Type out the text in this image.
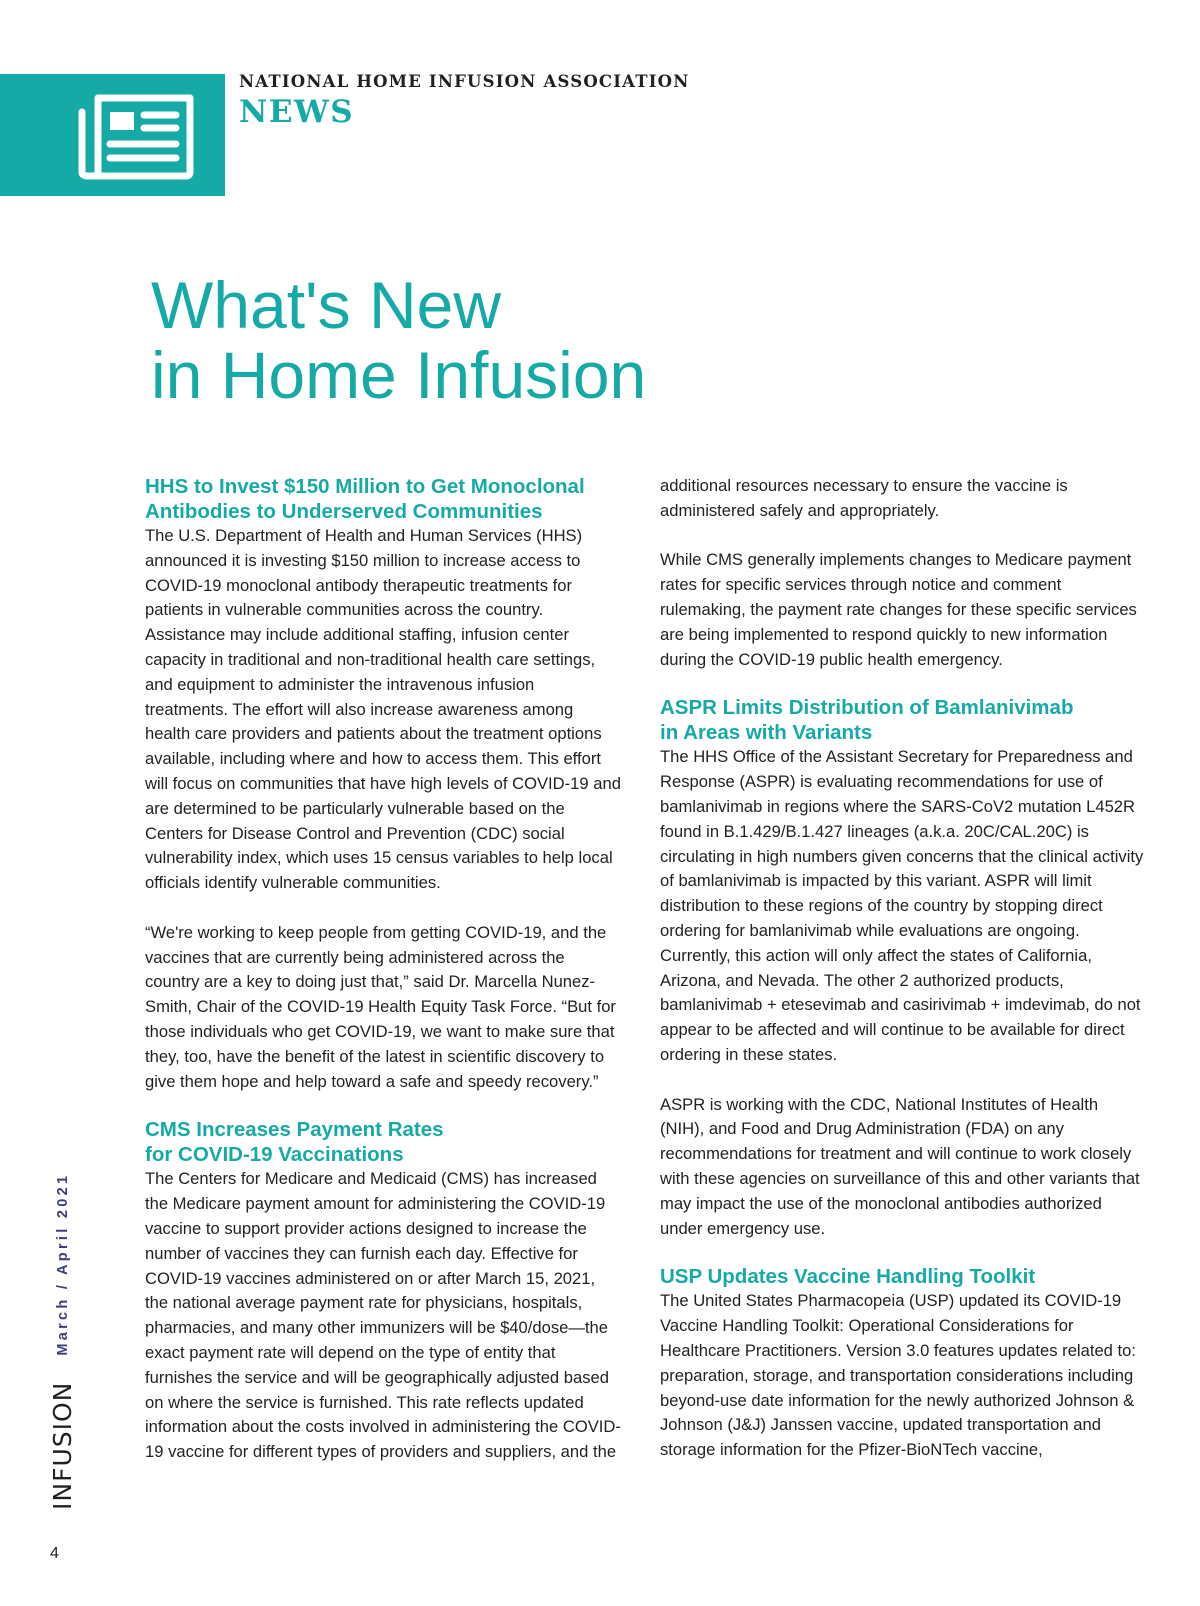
NATIONAL HOME INFUSION ASSOCIATION
NEWS
What's New
in Home Infusion
HHS to Invest $150 Million to Get Monoclonal
Antibodies to Underserved Communities

The U.S. Department of Health and Human Services (HHS) announced it is investing $150 million to increase access to COVID-19 monoclonal antibody therapeutic treatments for patients in vulnerable communities across the country. Assistance may include additional staffing, infusion center capacity in traditional and non-traditional health care settings, and equipment to administer the intravenous infusion treatments. The effort will also increase awareness among health care providers and patients about the treatment options available, including where and how to access them. This effort will focus on communities that have high levels of COVID-19 and are determined to be particularly vulnerable based on the Centers for Disease Control and Prevention (CDC) social vulnerability index, which uses 15 census variables to help local officials identify vulnerable communities.

“We're working to keep people from getting COVID-19, and the vaccines that are currently being administered across the country are a key to doing just that,” said Dr. Marcella Nunez-Smith, Chair of the COVID-19 Health Equity Task Force. “But for those individuals who get COVID-19, we want to make sure that they, too, have the benefit of the latest in scientific discovery to give them hope and help toward a safe and speedy recovery.”

CMS Increases Payment Rates
for COVID-19 Vaccinations

The Centers for Medicare and Medicaid (CMS) has increased the Medicare payment amount for administering the COVID-19 vaccine to support provider actions designed to increase the number of vaccines they can furnish each day. Effective for COVID-19 vaccines administered on or after March 15, 2021, the national average payment rate for physicians, hospitals, pharmacies, and many other immunizers will be $40/dose—the exact payment rate will depend on the type of entity that furnishes the service and will be geographically adjusted based on where the service is furnished. This rate reflects updated information about the costs involved in administering the COVID-19 vaccine for different types of providers and suppliers, and the

additional resources necessary to ensure the vaccine is administered safely and appropriately.

While CMS generally implements changes to Medicare payment rates for specific services through notice and comment rulemaking, the payment rate changes for these specific services are being implemented to respond quickly to new information during the COVID-19 public health emergency.

ASPR Limits Distribution of Bamlanivimab
in Areas with Variants

The HHS Office of the Assistant Secretary for Preparedness and Response (ASPR) is evaluating recommendations for use of bamlanivimab in regions where the SARS-CoV2 mutation L452R found in B.1.429/B.1.427 lineages (a.k.a. 20C/CAL.20C) is circulating in high numbers given concerns that the clinical activity of bamlanivimab is impacted by this variant. ASPR will limit distribution to these regions of the country by stopping direct ordering for bamlanivimab while evaluations are ongoing. Currently, this action will only affect the states of California, Arizona, and Nevada. The other 2 authorized products, bamlanivimab + etesevimab and casirivimab + imdevimab, do not appear to be affected and will continue to be available for direct ordering in these states.

ASPR is working with the CDC, National Institutes of Health (NIH), and Food and Drug Administration (FDA) on any recommendations for treatment and will continue to work closely with these agencies on surveillance of this and other variants that may impact the use of the monoclonal antibodies authorized under emergency use.

USP Updates Vaccine Handling Toolkit

The United States Pharmacopeia (USP) updated its COVID-19 Vaccine Handling Toolkit: Operational Considerations for Healthcare Practitioners. Version 3.0 features updates related to: preparation, storage, and transportation considerations including beyond-use date information for the newly authorized Johnson & Johnson (J&J) Janssen vaccine, updated transportation and storage information for the Pfizer-BioNTech vaccine,

INFUSION
March / April 2021
4
